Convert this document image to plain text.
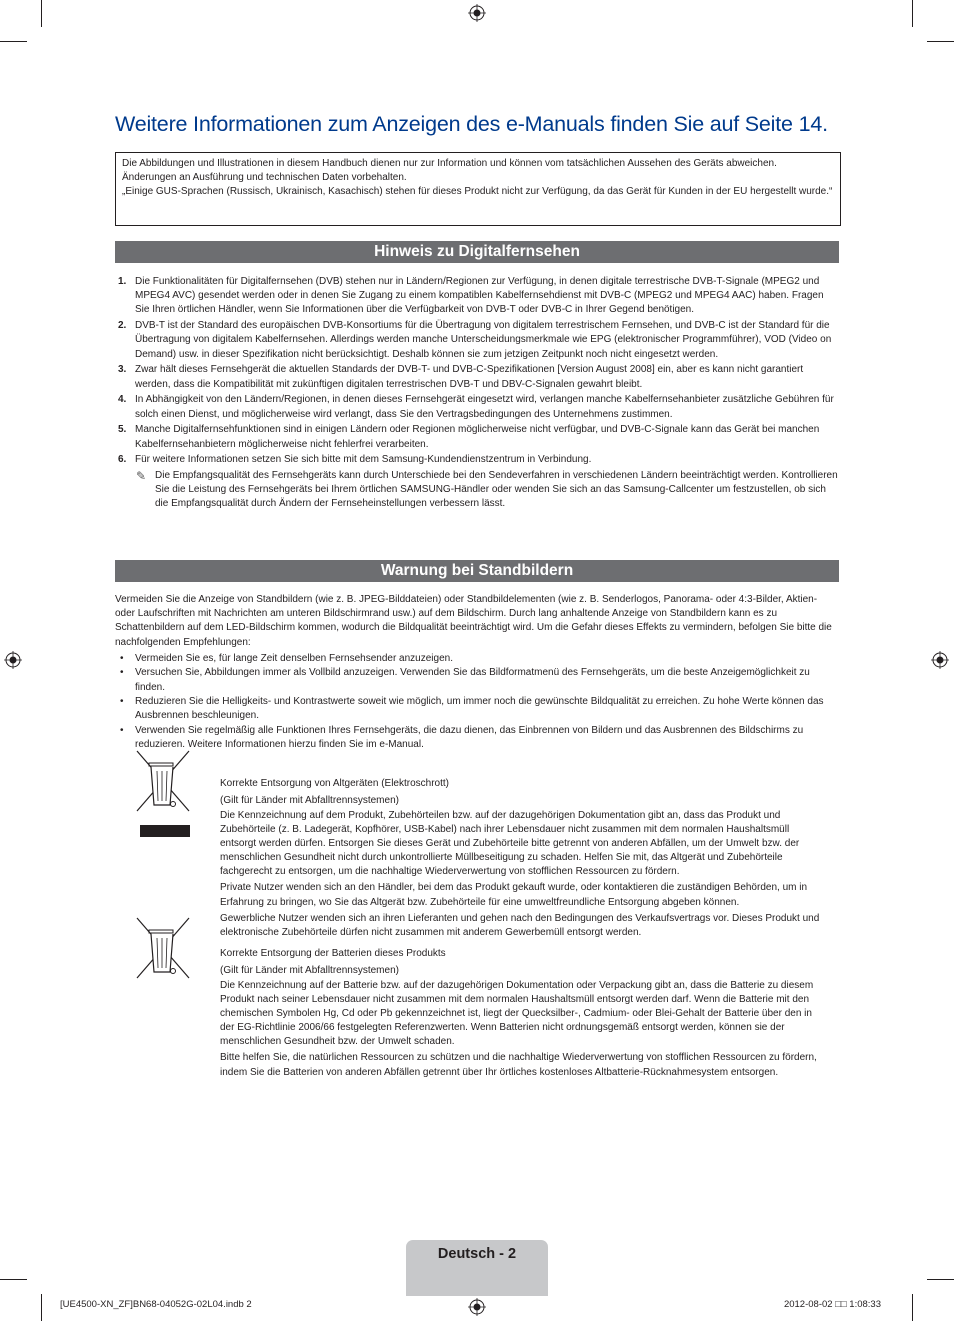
Weitere Informationen zum Anzeigen des e-Manuals finden Sie auf Seite 14.

Die Abbildungen und Illustrationen in diesem Handbuch dienen nur zur Information und können vom tatsächlichen Aussehen des Geräts abweichen. Änderungen an Ausführung und technischen Daten vorbehalten.

„Einige GUS-Sprachen (Russisch, Ukrainisch, Kasachisch) stehen für dieses Produkt nicht zur Verfügung, da das Gerät für Kunden in der EU hergestellt wurde.“

Hinweis zu Digitalfernsehen
1. Die Funktionalitäten für Digitalfernsehen (DVB) stehen nur in Ländern/Regionen zur Verfügung, in denen digitale terrestrische DVB-T-Signale (MPEG2 und MPEG4 AVC) gesendet werden oder in denen Sie Zugang zu einem kompatiblen Kabelfernsehdienst mit DVB-C (MPEG2 und MPEG4 AAC) haben. Fragen Sie Ihren örtlichen Händler, wenn Sie Informationen über die Verfügbarkeit von DVB-T oder DVB-C in Ihrer Gegend benötigen.
2. DVB-T ist der Standard des europäischen DVB-Konsortiums für die Übertragung von digitalem terrestrischem Fernsehen, und DVB-C ist der Standard für die Übertragung von digitalem Kabelfernsehen. Allerdings werden manche Unterscheidungsmerkmale wie EPG (elektronischer Programmführer), VOD (Video on Demand) usw. in dieser Spezifikation nicht berücksichtigt. Deshalb können sie zum jetzigen Zeitpunkt noch nicht eingesetzt werden.
3. Zwar hält dieses Fernsehgerät die aktuellen Standards der DVB-T- und DVB-C-Spezifikationen [Version August 2008] ein, aber es kann nicht garantiert werden, dass die Kompatibilität mit zukünftigen digitalen terrestrischen DVB-T und DBV-C-Signalen gewahrt bleibt.
4. In Abhängigkeit von den Ländern/Regionen, in denen dieses Fernsehgerät eingesetzt wird, verlangen manche Kabelfernsehanbieter zusätzliche Gebühren für solch einen Dienst, und möglicherweise wird verlangt, dass Sie den Vertragsbedingungen des Unternehmens zustimmen.
5. Manche Digitalfernsehfunktionen sind in einigen Ländern oder Regionen möglicherweise nicht verfügbar, und DVB-C-Signale kann das Gerät bei manchen Kabelfernsehanbietern möglicherweise nicht fehlerfrei verarbeiten.
6. Für weitere Informationen setzen Sie sich bitte mit dem Samsung-Kundendienstzentrum in Verbindung.
✎ Die Empfangsqualität des Fernsehgeräts kann durch Unterschiede bei den Sendeverfahren in verschiedenen Ländern beeinträchtigt werden. Kontrollieren Sie die Leistung des Fernsehgeräts bei Ihrem örtlichen SAMSUNG-Händler oder wenden Sie sich an das Samsung-Callcenter um festzustellen, ob sich die Empfangsqualität durch Ändern der Fernseheinstellungen verbessern lässt.
Warnung bei Standbildern

Vermeiden Sie die Anzeige von Standbildern (wie z. B. JPEG-Bilddateien) oder Standbildelementen (wie z. B. Senderlogos, Panorama- oder 4:3-Bilder, Aktien- oder Laufschriften mit Nachrichten am unteren Bildschirmrand usw.) auf dem Bildschirm. Durch lang anhaltende Anzeige von Standbildern kann es zu Schattenbildern auf dem LED-Bildschirm kommen, wodurch die Bildqualität beeinträchtigt wird. Um die Gefahr dieses Effekts zu vermindern, befolgen Sie bitte die nachfolgenden Empfehlungen:

• Vermeiden Sie es, für lange Zeit denselben Fernsehsender anzuzeigen.
• Versuchen Sie, Abbildungen immer als Vollbild anzuzeigen. Verwenden Sie das Bildformatmenü des Fernsehgeräts, um die beste Anzeigemöglichkeit zu finden.
• Reduzieren Sie die Helligkeits- und Kontrastwerte soweit wie möglich, um immer noch die gewünschte Bildqualität zu erreichen. Zu hohe Werte können das Ausbrennen beschleunigen.
• Verwenden Sie regelmäßig alle Funktionen Ihres Fernsehgeräts, die dazu dienen, das Einbrennen von Bildern und das Ausbrennen des Bildschirms zu reduzieren. Weitere Informationen hierzu finden Sie im e-Manual.

Korrekte Entsorgung von Altgeräten (Elektroschrott)

(Gilt für Länder mit Abfalltrennsystemen)

Die Kennzeichnung auf dem Produkt, Zubehörteilen bzw. auf der dazugehörigen Dokumentation gibt an, dass das Produkt und Zubehörteile (z. B. Ladegerät, Kopfhörer, USB-Kabel) nach ihrer Lebensdauer nicht zusammen mit dem normalen Haushaltsmüll entsorgt werden dürfen. Entsorgen Sie dieses Gerät und Zubehörteile bitte getrennt von anderen Abfällen, um der Umwelt bzw. der menschlichen Gesundheit nicht durch unkontrollierte Müllbeseitigung zu schaden. Helfen Sie mit, das Altgerät und Zubehörteile fachgerecht zu entsorgen, um die nachhaltige Wiederverwertung von stofflichen Ressourcen zu fördern.

Private Nutzer wenden sich an den Händler, bei dem das Produkt gekauft wurde, oder kontaktieren die zuständigen Behörden, um in Erfahrung zu bringen, wo Sie das Altgerät bzw. Zubehörteile für eine umweltfreundliche Entsorgung abgeben können.

Gewerbliche Nutzer wenden sich an ihren Lieferanten und gehen nach den Bedingungen des Verkaufsvertrags vor. Dieses Produkt und elektronische Zubehörteile dürfen nicht zusammen mit anderem Gewerbemüll entsorgt werden.

Korrekte Entsorgung der Batterien dieses Produkts

(Gilt für Länder mit Abfalltrennsystemen)

Die Kennzeichnung auf der Batterie bzw. auf der dazugehörigen Dokumentation oder Verpackung gibt an, dass die Batterie zu diesem Produkt nach seiner Lebensdauer nicht zusammen mit dem normalen Haushaltsmüll entsorgt werden darf. Wenn die Batterie mit den chemischen Symbolen Hg, Cd oder Pb gekennzeichnet ist, liegt der Quecksilber-, Cadmium- oder Blei-Gehalt der Batterie über den in der EG-Richtlinie 2006/66 festgelegten Referenzwerten. Wenn Batterien nicht ordnungsgemäß entsorgt werden, können sie der menschlichen Gesundheit bzw. der Umwelt schaden.

Bitte helfen Sie, die natürlichen Ressourcen zu schützen und die nachhaltige Wiederverwertung von stofflichen Ressourcen zu fördern, indem Sie die Batterien von anderen Abfällen getrennt über Ihr örtliches kostenloses Altbatterie-Rücknahmesystem entsorgen.

Deutsch - 2
[UE4500-XN_ZF]BN68-04052G-02L04.indb 2	2012-08-02 □□ 1:08:33
